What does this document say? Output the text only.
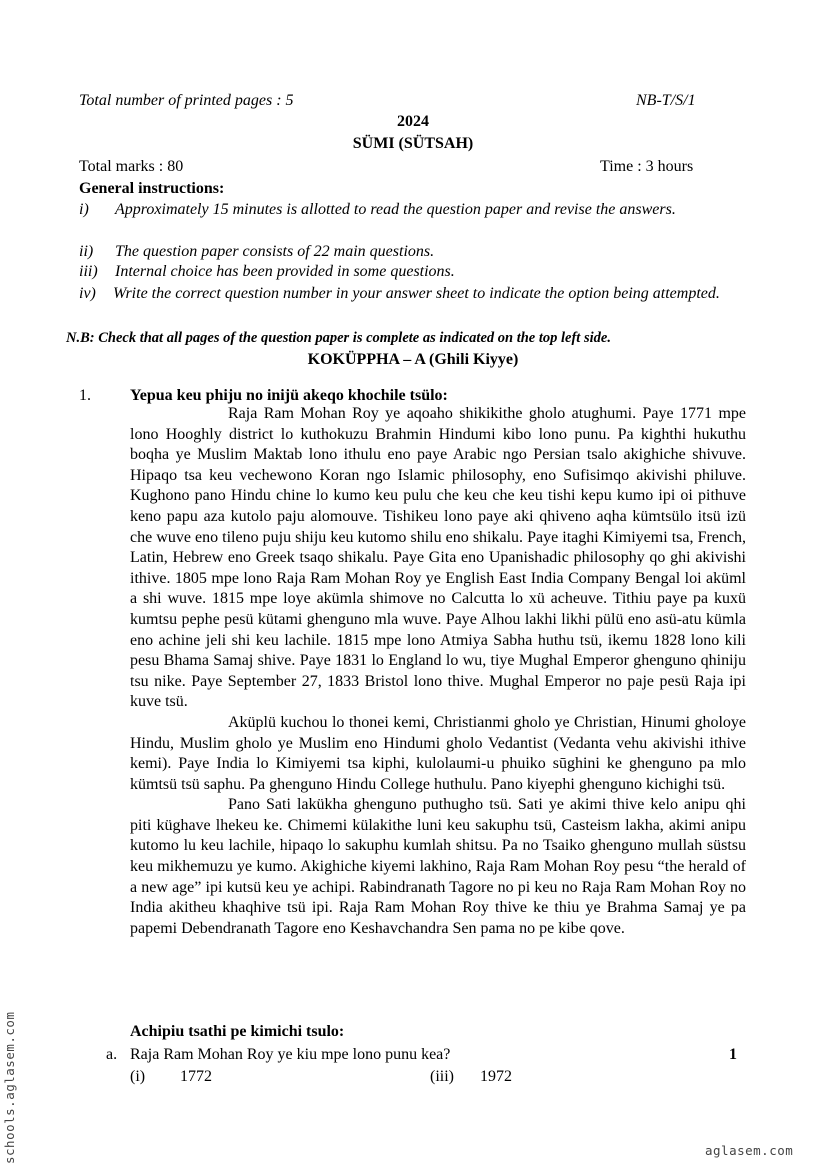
Total number of printed pages : 5	NB-T/S/1
2024
SÜMI (SÜTSAH)
Total marks : 80	Time : 3 hours
General instructions:
i) Approximately 15 minutes is allotted to read the question paper and revise the answers.
ii) The question paper consists of 22 main questions.
iii) Internal choice has been provided in some questions.
iv) Write the correct question number in your answer sheet to indicate the option being attempted.
N.B: Check that all pages of the question paper is complete as indicated on the top left side.
KOKÜPPHA – A (Ghili Kiyye)
1. Yepua keu phiju no inijü akeqo khochile tsülo:

Raja Ram Mohan Roy ye aqoaho shikikithe gholo atughumi. Paye 1771 mpe lono Hooghly district lo kuthokuzu Brahmin Hindumi kibo lono punu. Pa kighthi hukuthu boqha ye Muslim Maktab lono ithulu eno paye Arabic ngo Persian tsalo akighiche shivuve. Hipaqo tsa keu vechewono Koran ngo Islamic philosophy, eno Sufisimqo akivishi philuve. Kughono pano Hindu chine lo kumo keu pulu che keu che keu tishi kepu kumo ipi oi pithuve keno papu aza kutolo paju alomouve. Tishikeu lono paye aki qhiveno aqha kümtsülo itsü izü che wuve eno tileno puju shiju keu kutomo shilu eno shikalu. Paye itaghi Kimiyemi tsa, French, Latin, Hebrew eno Greek tsaqo shikalu. Paye Gita eno Upanishadic philosophy qo ghi akivishi ithive. 1805 mpe lono Raja Ram Mohan Roy ye English East India Company Bengal loi aküml a shi wuve. 1815 mpe loye akümla shimove no Calcutta lo xü acheuve. Tithiu paye pa kuxü kumtsu pephe pesü kütami ghenguno mla wuve. Paye Alhou lakhi likhi pülü eno asü-atu kümla eno achine jeli shi keu lachile. 1815 mpe lono Atmiya Sabha huthu tsü, ikemu 1828 lono kili pesu Bhama Samaj shive. Paye 1831 lo England lo wu, tiye Mughal Emperor ghenguno qhiniju tsu nike. Paye September 27, 1833 Bristol lono thive. Mughal Emperor no paje pesü Raja ipi kuve tsü.

Aküplü kuchou lo thonei kemi, Christianmi gholo ye Christian, Hinumi gholoye Hindu, Muslim gholo ye Muslim eno Hindumi gholo Vedantist (Vedanta vehu akivishi ithive kemi). Paye India lo Kimiyemi tsa kiphi, kulolaumi-u phuiko sūghini ke ghenguno pa mlo kümtsü tsü saphu. Pa ghenguno Hindu College huthulu. Pano kiyephi ghenguno kichighi tsü.

Pano Sati lakükha ghenguno puthugho tsü. Sati ye akimi thive kelo anipu qhi piti küghave lhekeu ke. Chimemi külakithe luni keu sakuphu tsü, Casteism lakha, akimi anipu kutomo lu keu lachile, hipaqo lo sakuphu kumlah shitsu. Pa no Tsaiko ghenguno mullah süstsu keu mikhemuzu ye kumo. Akighiche kiyemi lakhino, Raja Ram Mohan Roy pesu “the herald of a new age” ipi kutsü keu ye achipi. Rabindranath Tagore no pi keu no Raja Ram Mohan Roy no India akitheu khaqhive tsü ipi. Raja Ram Mohan Roy thive ke thiu ye Brahma Samaj ye pa papemi Debendranath Tagore eno Keshavchandra Sen pama no pe kibe qove.

Achipiu tsathi pe kimichi tsulo:
a. Raja Ram Mohan Roy ye kiu mpe lono punu kea?	1
(i) 1772	(iii) 1972
schools.aglasem.com	aglasem.com
